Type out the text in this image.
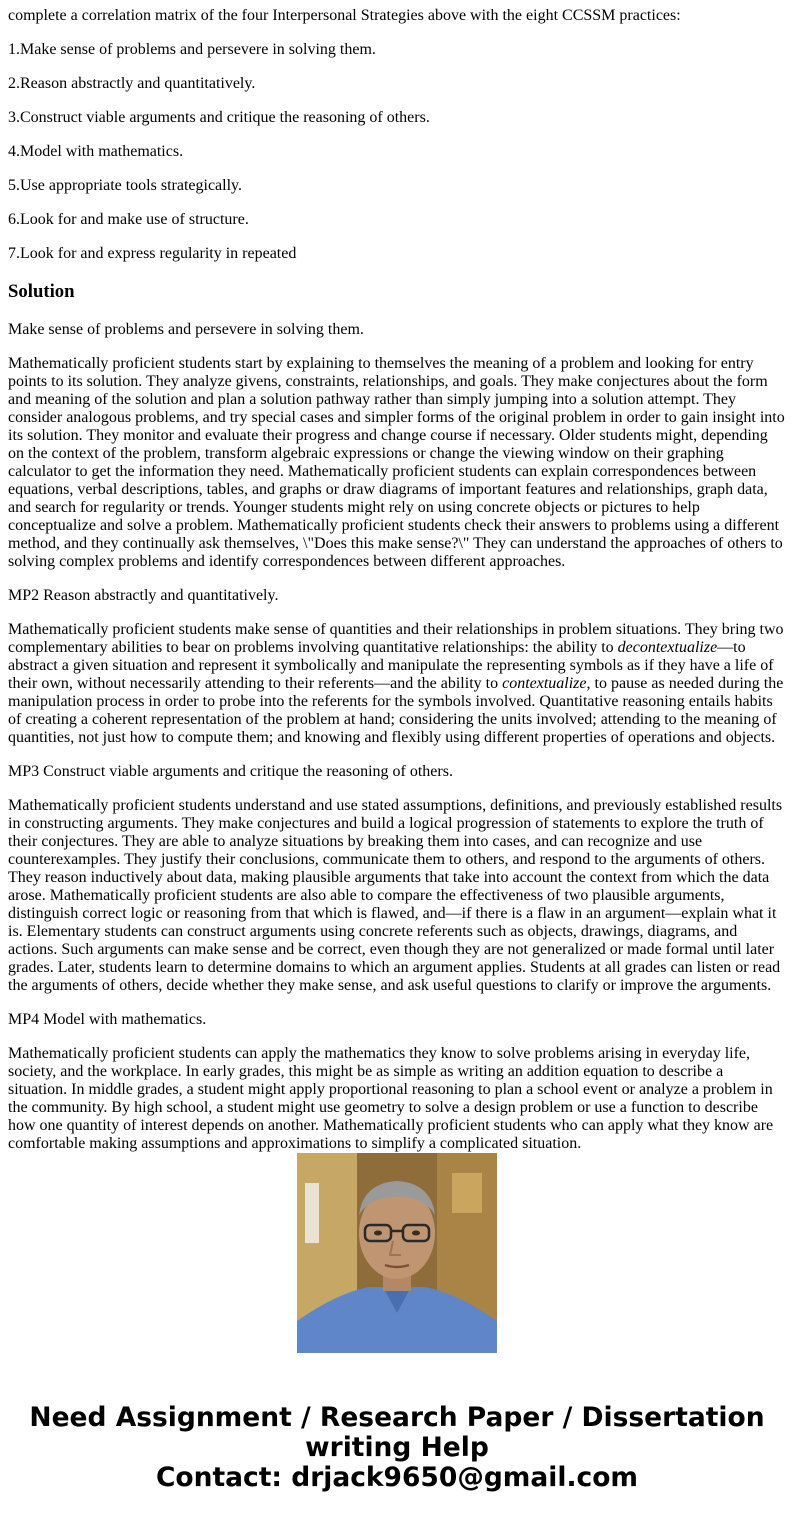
complete a correlation matrix of the four Interpersonal Strategies above with the eight CCSSM practices:

1.Make sense of problems and persevere in solving them.

2.Reason abstractly and quantitatively.

3.Construct viable arguments and critique the reasoning of others.

4.Model with mathematics.

5.Use appropriate tools strategically.

6.Look for and make use of structure.

7.Look for and express regularity in repeated

Solution

Make sense of problems and persevere in solving them.

Mathematically proficient students start by explaining to themselves the meaning of a problem and looking for entry points to its solution. They analyze givens, constraints, relationships, and goals. They make conjectures about the form and meaning of the solution and plan a solution pathway rather than simply jumping into a solution attempt. They consider analogous problems, and try special cases and simpler forms of the original problem in order to gain insight into its solution. They monitor and evaluate their progress and change course if necessary. Older students might, depending on the context of the problem, transform algebraic expressions or change the viewing window on their graphing calculator to get the information they need. Mathematically proficient students can explain correspondences between equations, verbal descriptions, tables, and graphs or draw diagrams of important features and relationships, graph data, and search for regularity or trends. Younger students might rely on using concrete objects or pictures to help conceptualize and solve a problem. Mathematically proficient students check their answers to problems using a different method, and they continually ask themselves, \"Does this make sense?\" They can understand the approaches of others to solving complex problems and identify correspondences between different approaches.

MP2 Reason abstractly and quantitatively.

Mathematically proficient students make sense of quantities and their relationships in problem situations. They bring two complementary abilities to bear on problems involving quantitative relationships: the ability to decontextualize—to abstract a given situation and represent it symbolically and manipulate the representing symbols as if they have a life of their own, without necessarily attending to their referents—and the ability to contextualize, to pause as needed during the manipulation process in order to probe into the referents for the symbols involved. Quantitative reasoning entails habits of creating a coherent representation of the problem at hand; considering the units involved; attending to the meaning of quantities, not just how to compute them; and knowing and flexibly using different properties of operations and objects.

MP3 Construct viable arguments and critique the reasoning of others.

Mathematically proficient students understand and use stated assumptions, definitions, and previously established results in constructing arguments. They make conjectures and build a logical progression of statements to explore the truth of their conjectures. They are able to analyze situations by breaking them into cases, and can recognize and use counterexamples. They justify their conclusions, communicate them to others, and respond to the arguments of others. They reason inductively about data, making plausible arguments that take into account the context from which the data arose. Mathematically proficient students are also able to compare the effectiveness of two plausible arguments, distinguish correct logic or reasoning from that which is flawed, and—if there is a flaw in an argument—explain what it is. Elementary students can construct arguments using concrete referents such as objects, drawings, diagrams, and actions. Such arguments can make sense and be correct, even though they are not generalized or made formal until later grades. Later, students learn to determine domains to which an argument applies. Students at all grades can listen or read the arguments of others, decide whether they make sense, and ask useful questions to clarify or improve the arguments.

MP4 Model with mathematics.

Mathematically proficient students can apply the mathematics they know to solve problems arising in everyday life, society, and the workplace. In early grades, this might be as simple as writing an addition equation to describe a situation. In middle grades, a student might apply proportional reasoning to plan a school event or analyze a problem in the community. By high school, a student might use geometry to solve a design problem or use a function to describe how one quantity of interest depends on another. Mathematically proficient students who can apply what they know are comfortable making assumptions and approximations to simplify a complicated situation.

Need Assignment / Research Paper / Dissertation
writing Help
Contact: drjack9650@gmail.com
